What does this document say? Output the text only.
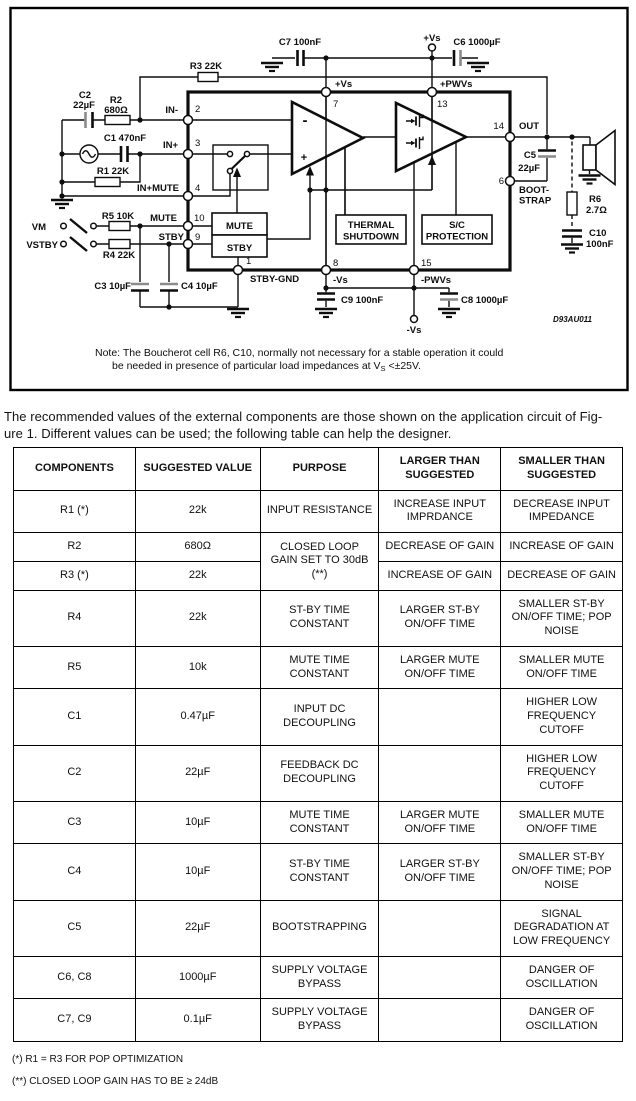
C7 100nF	+Vs C6 1000µF
R3 22K
+Vs	+PWVs
7	13
C2
22µF R2
680Ω	IN- 2
C1 470nF
IN+ 3
R1 22K
IN+MUTE 4
VM
VSTBY
R5 10K
R4 22K
MUTE 10
STBY 9
C3 10µF	C4 10µF
MUTE
STBY
1
STBY-GND
THERMAL
SHUTDOWN
S/C
PROTECTION
8
-Vs
15
-PWVs
C9 100nF	C8 1000µF
-Vs
14 OUT
C5
22µF
6
BOOT-
STRAP	R6
2.7Ω
C10
100nF
-
+
D93AU011
Note: The Boucherot cell R6, C10, normally not necessary for a stable operation it could
be needed in presence of particular load impedances at VS <±25V.
The recommended values of the external components are those shown on the application circuit of Fig-
ure 1. Different values can be used; the following table can help the designer.
COMPONENTS	SUGGESTED VALUE	PURPOSE	LARGER THAN SUGGESTED	SMALLER THAN SUGGESTED
R1 (*)	22k	INPUT RESISTANCE	INCREASE INPUT IMPRDANCE	DECREASE INPUT IMPEDANCE
R2	680Ω	CLOSED LOOP GAIN SET TO 30dB (**)	DECREASE OF GAIN	INCREASE OF GAIN
R3 (*)	22k		INCREASE OF GAIN	DECREASE OF GAIN
R4	22k	ST-BY TIME CONSTANT	LARGER ST-BY ON/OFF TIME	SMALLER ST-BY ON/OFF TIME; POP NOISE
R5	10k	MUTE TIME CONSTANT	LARGER MUTE ON/OFF TIME	SMALLER MUTE ON/OFF TIME
C1	0.47µF	INPUT DC DECOUPLING		HIGHER LOW FREQUENCY CUTOFF
C2	22µF	FEEDBACK DC DECOUPLING		HIGHER LOW FREQUENCY CUTOFF
C3	10µF	MUTE TIME CONSTANT	LARGER MUTE ON/OFF TIME	SMALLER MUTE ON/OFF TIME
C4	10µF	ST-BY TIME CONSTANT	LARGER ST-BY ON/OFF TIME	SMALLER ST-BY ON/OFF TIME; POP NOISE
C5	22µF	BOOTSTRAPPING		SIGNAL DEGRADATION AT LOW FREQUENCY
C6, C8	1000µF	SUPPLY VOLTAGE BYPASS		DANGER OF OSCILLATION
C7, C9	0.1µF	SUPPLY VOLTAGE BYPASS		DANGER OF OSCILLATION
(*) R1 = R3 FOR POP OPTIMIZATION
(**) CLOSED LOOP GAIN HAS TO BE ≥ 24dB
